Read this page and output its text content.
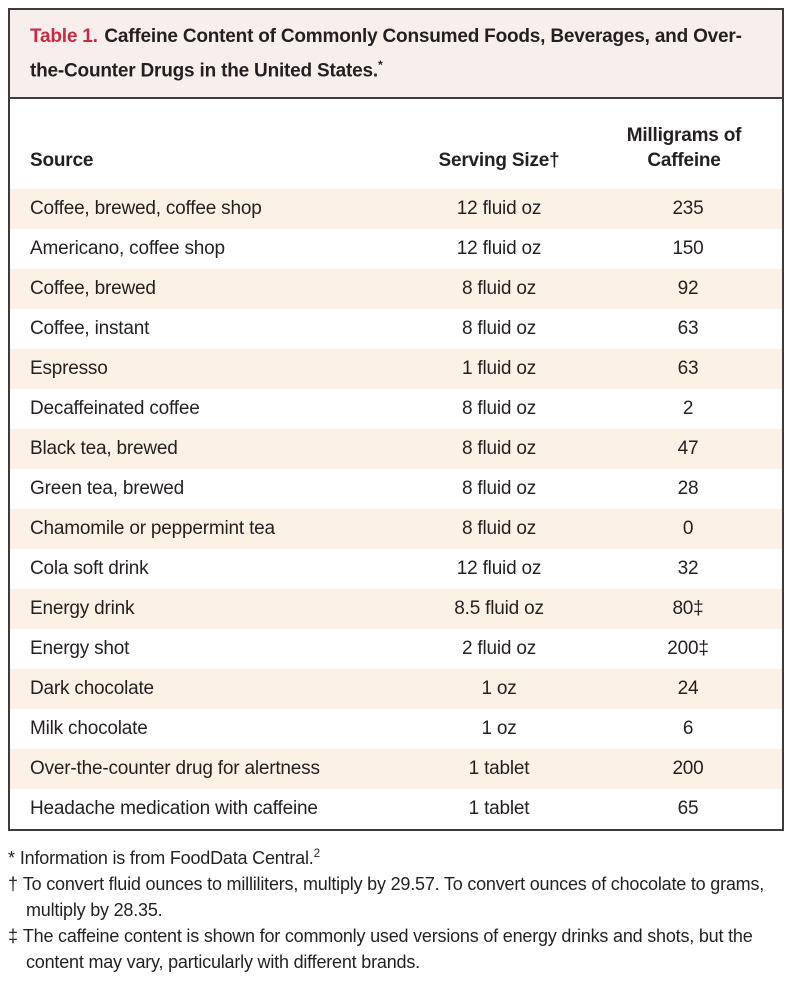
Table 1. Caffeine Content of Commonly Consumed Foods, Beverages, and Over-the-Counter Drugs in the United States.*
Source	Serving Size†	Milligrams of Caffeine
Coffee, brewed, coffee shop	12 fluid oz	235
Americano, coffee shop	12 fluid oz	150
Coffee, brewed	8 fluid oz	92
Coffee, instant	8 fluid oz	63
Espresso	1 fluid oz	63
Decaffeinated coffee	8 fluid oz	2
Black tea, brewed	8 fluid oz	47
Green tea, brewed	8 fluid oz	28
Chamomile or peppermint tea	8 fluid oz	0
Cola soft drink	12 fluid oz	32
Energy drink	8.5 fluid oz	80‡
Energy shot	2 fluid oz	200‡
Dark chocolate	1 oz	24
Milk chocolate	1 oz	6
Over-the-counter drug for alertness	1 tablet	200
Headache medication with caffeine	1 tablet	65
* Information is from FoodData Central.$^2$
† To convert fluid ounces to milliliters, multiply by 29.57. To convert ounces of chocolate to grams, multiply by 28.35.
‡ The caffeine content is shown for commonly used versions of energy drinks and shots, but the content may vary, particularly with different brands.
